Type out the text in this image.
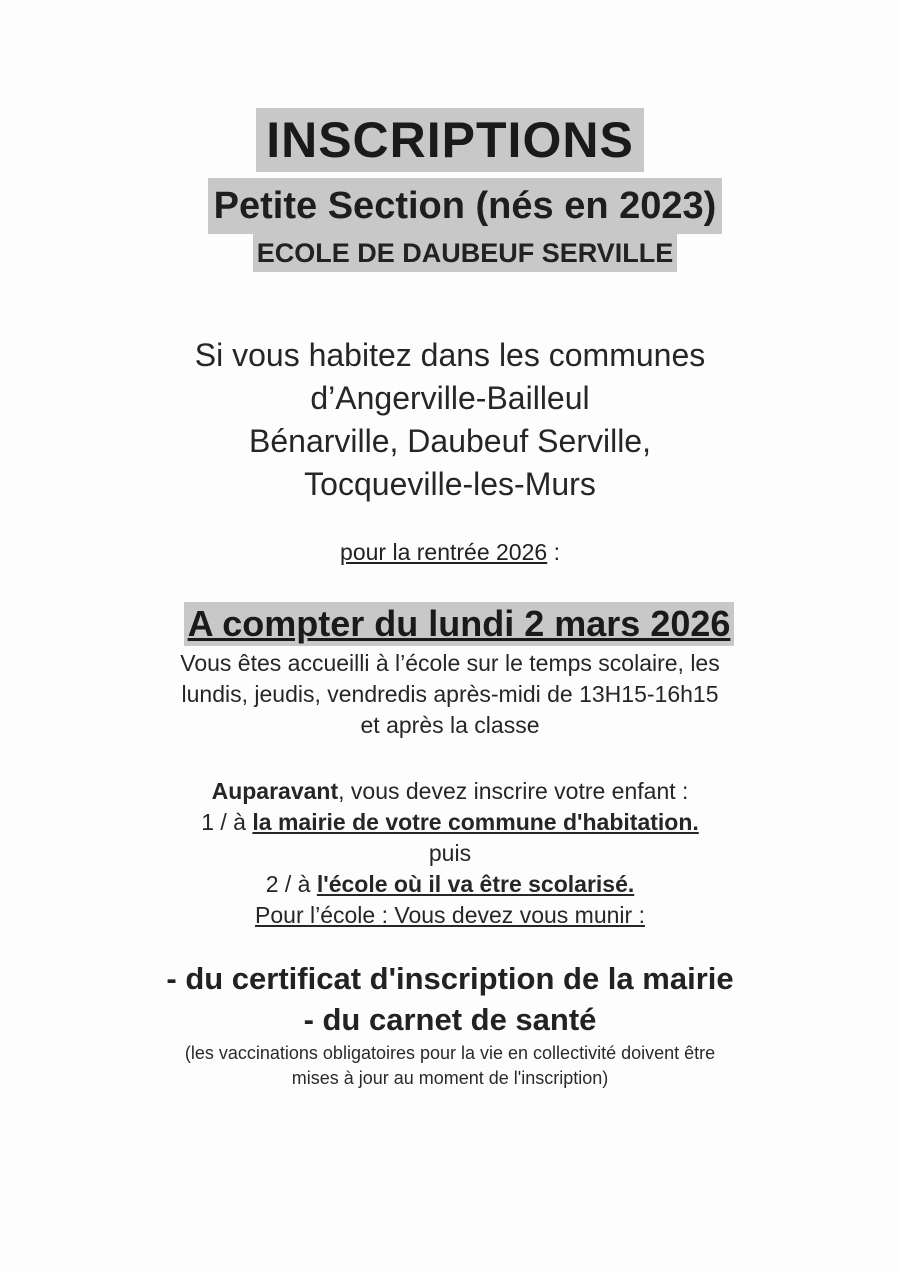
INSCRIPTIONS
Petite Section (nés en 2023)
ECOLE DE DAUBEUF SERVILLE
Si vous habitez dans les communes
d’Angerville-Bailleul
Bénarville, Daubeuf Serville,
Tocqueville-les-Murs
pour la rentrée 2026 :
A compter du lundi 2 mars 2026
Vous êtes accueilli à l’école sur le temps scolaire, les
lundis, jeudis, vendredis après-midi de 13H15-16h15
et après la classe
Auparavant, vous devez inscrire votre enfant :
1 / à la mairie de votre commune d'habitation.
puis
2 / à l'école où il va être scolarisé.
Pour l’école : Vous devez vous munir :
- du certificat d'inscription de la mairie
- du carnet de santé
(les vaccinations obligatoires pour la vie en collectivité doivent être
mises à jour au moment de l'inscription)
